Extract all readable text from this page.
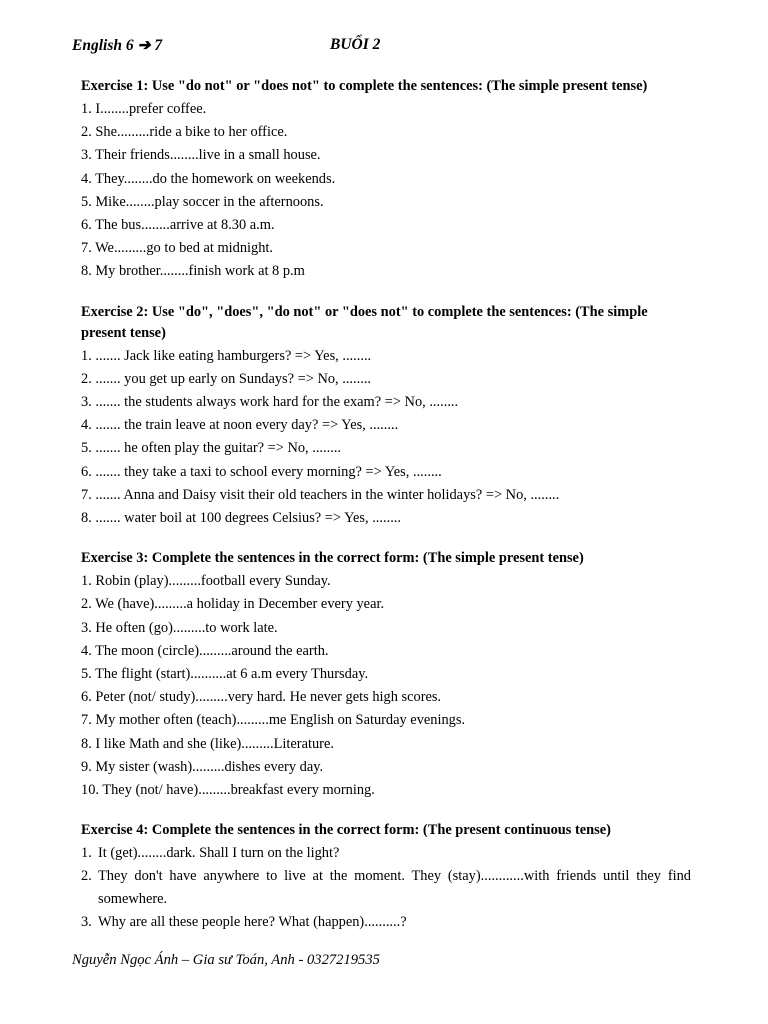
English 6 ➔ 7	BUỔI 2
Exercise 1: Use "do not" or "does not" to complete the sentences: (The simple present tense)
1. I........prefer coffee.
2. She.........ride a bike to her office.
3. Their friends........live in a small house.
4. They........do the homework on weekends.
5. Mike........play soccer in the afternoons.
6. The bus........arrive at 8.30 a.m.
7. We.........go to bed at midnight.
8. My brother........finish work at 8 p.m
Exercise 2: Use "do", "does", "do not" or "does not" to complete the sentences: (The simple present tense)
1. ....... Jack like eating hamburgers? => Yes, ........
2. ....... you get up early on Sundays? => No, ........
3. ....... the students always work hard for the exam? => No, ........
4. ....... the train leave at noon every day? => Yes, ........
5. ....... he often play the guitar? => No, ........
6. ....... they take a taxi to school every morning? => Yes, ........
7. ....... Anna and Daisy visit their old teachers in the winter holidays? => No, ........
8. ....... water boil at 100 degrees Celsius? => Yes, ........
Exercise 3: Complete the sentences in the correct form: (The simple present tense)
1. Robin (play).........football every Sunday.
2. We (have).........a holiday in December every year.
3. He often (go).........to work late.
4. The moon (circle).........around the earth.
5. The flight (start)..........at 6 a.m every Thursday.
6. Peter (not/ study).........very hard. He never gets high scores.
7. My mother often (teach).........me English on Saturday evenings.
8. I like Math and she (like).........Literature.
9. My sister (wash).........dishes every day.
10. They (not/ have).........breakfast every morning.
Exercise 4: Complete the sentences in the correct form: (The present continuous tense)
1. It (get)........dark. Shall I turn on the light?
2. They don't have anywhere to live at the moment. They (stay)............with friends until they find somewhere.
3. Why are all these people here? What (happen)..........?
Nguyễn Ngọc Ánh – Gia sư Toán, Anh - 0327219535
